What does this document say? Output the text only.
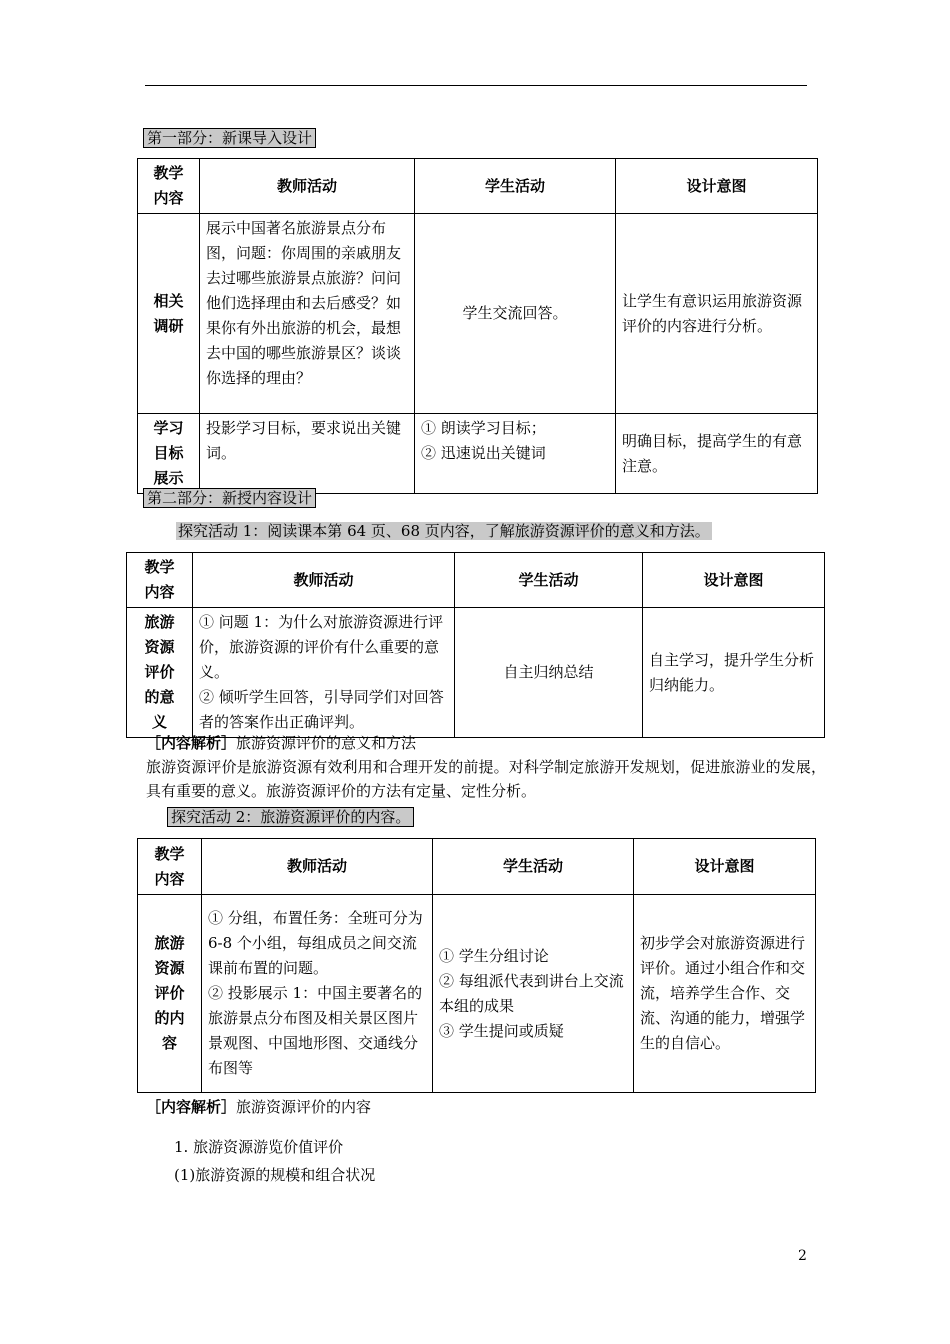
第一部分：新课导入设计
教学内容	教师活动	学生活动	设计意图

相关调研	展示中国著名旅游景点分布图，问题：你周围的亲戚朋友去过哪些旅游景点旅游？问问他们选择理由和去后感受？如果你有外出旅游的机会，最想去中国的哪些旅游景区？谈谈你选择的理由？	学生交流回答。	让学生有意识运用旅游资源评价的内容进行分析。

学习目标展示	投影学习目标，要求说出关键词。	① 朗读学习目标；
② 迅速说出关键词	明确目标，提高学生的有意注意。
第二部分：新授内容设计
探究活动 1：阅读课本第 64 页、68 页内容，了解旅游资源评价的意义和方法。
教学内容	教师活动	学生活动	设计意图

旅游资源评价的意义	① 问题 1：为什么对旅游资源进行评价，旅游资源的评价有什么重要的意义。
② 倾听学生回答，引导同学们对回答者的答案作出正确评判。	自主归纳总结	自主学习，提升学生分析归纳能力。
［内容解析］旅游资源评价的意义和方法
旅游资源评价是旅游资源有效利用和合理开发的前提。对科学制定旅游开发规划，促进旅游业的发展，具有重要的意义。旅游资源评价的方法有定量、定性分析。
探究活动 2：旅游资源评价的内容。
教学内容	教师活动	学生活动	设计意图

旅游资源评价的内容	① 分组，布置任务：全班可分为 6-8 个小组，每组成员之间交流课前布置的问题。
② 投影展示 1：中国主要著名的旅游景点分布图及相关景区图片景观图、中国地形图、交通线分布图等	① 学生分组讨论
② 每组派代表到讲台上交流本组的成果
③ 学生提问或质疑	初步学会对旅游资源进行评价。通过小组合作和交流，培养学生合作、交流、沟通的能力，增强学生的自信心。
［内容解析］旅游资源评价的内容
1. 旅游资源游览价值评价
(1)旅游资源的规模和组合状况
2
